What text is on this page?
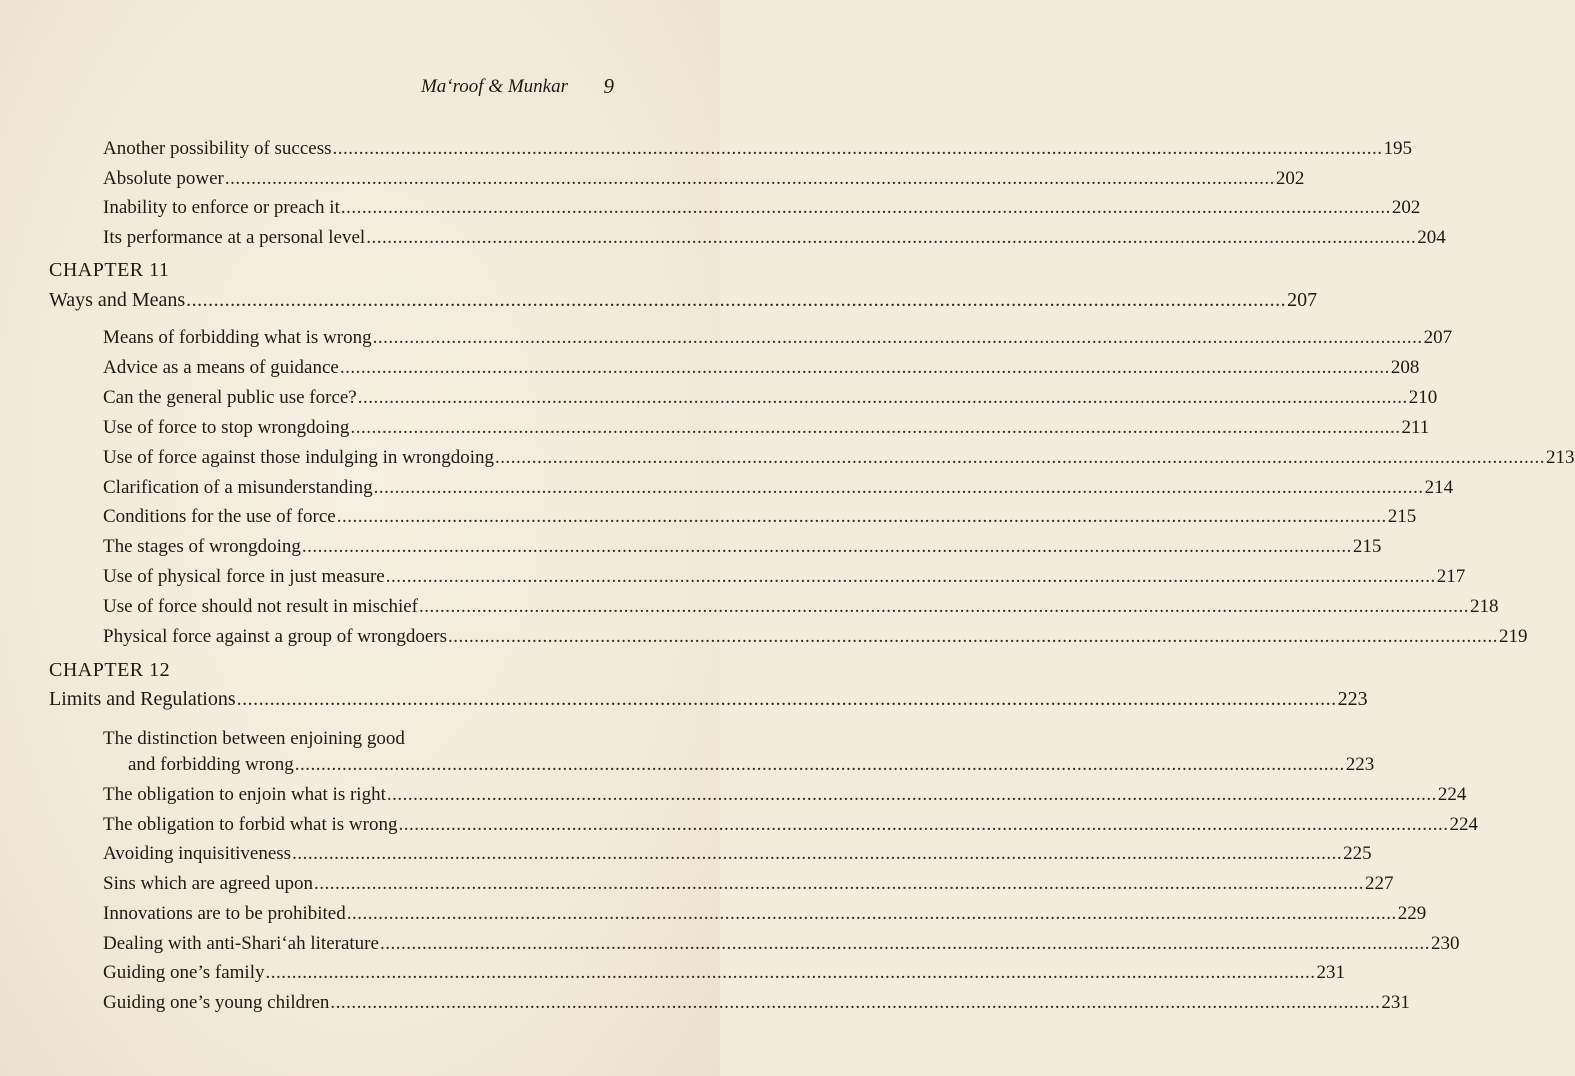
Ma‘roof & Munkar 9
Another possibility of success ........................................................................................................................................................................................................ 195
Absolute power ........................................................................................................................................................................................................ 202
Inability to enforce or preach it ........................................................................................................................................................................................................ 202
Its performance at a personal level ........................................................................................................................................................................................................ 204
CHAPTER 11
Ways and Means ........................................................................................................................................................................................................ 207
Means of forbidding what is wrong ........................................................................................................................................................................................................ 207
Advice as a means of guidance ........................................................................................................................................................................................................ 208
Can the general public use force? ........................................................................................................................................................................................................ 210
Use of force to stop wrongdoing ........................................................................................................................................................................................................ 211
Use of force against those indulging in wrongdoing ........................................................................................................................................................................................................ 213
Clarification of a misunderstanding ........................................................................................................................................................................................................ 214
Conditions for the use of force ........................................................................................................................................................................................................ 215
The stages of wrongdoing ........................................................................................................................................................................................................ 215
Use of physical force in just measure ........................................................................................................................................................................................................ 217
Use of force should not result in mischief ........................................................................................................................................................................................................ 218
Physical force against a group of wrongdoers ........................................................................................................................................................................................................ 219
CHAPTER 12
Limits and Regulations ........................................................................................................................................................................................................ 223
The distinction between enjoining good
and forbidding wrong ........................................................................................................................................................................................................ 223
The obligation to enjoin what is right ........................................................................................................................................................................................................ 224
The obligation to forbid what is wrong ........................................................................................................................................................................................................ 224
Avoiding inquisitiveness ........................................................................................................................................................................................................ 225
Sins which are agreed upon ........................................................................................................................................................................................................ 227
Innovations are to be prohibited ........................................................................................................................................................................................................ 229
Dealing with anti-Shari‘ah literature ........................................................................................................................................................................................................ 230
Guiding one’s family ........................................................................................................................................................................................................ 231
Guiding one’s young children ........................................................................................................................................................................................................ 231
